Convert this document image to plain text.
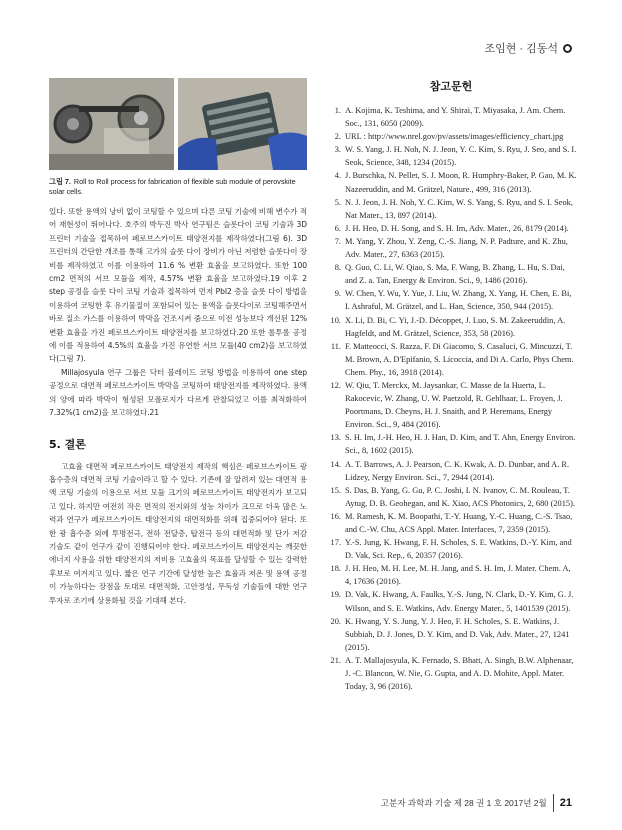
조임현 · 김동석
그림 7. Roll to Roll process for fabrication of flexible sub module of perovskite solar cells.

있다. 또한 용액의 낭비 없이 코팅할 수 있으며 다른 코팅 기술에 비해 변수가 적어 재현성이 뛰어나다. 호주의 박두진 박사 연구팀은 슬롯다이 코팅 기술과 3D 프린터 기술을 접목하여 페로브스카이트 태양전지를 제작하였다(그림 6). 3D 프린터의 간단한 개조를 통해 고가의 슬롯 다이 장비가 아닌 저렴한 슬롯다이 장비를 제작하였고 이를 이용하여 11.6 % 변환 효율을 보고하였다. 또한 100 cm2 면적의 서브 모듈을 제작, 4.57% 변환 효율을 보고하였다.19 이후 2 step 공정을 슬롯 다이 코팅 기술과 접목하여 먼저 PbI2 층을 슬롯 다이 방법을 이용하여 코팅한 후 유기물질이 포함되어 있는 용액을 슬롯다이로 코팅해주면서 바로 질소 가스를 이용하여 박막을 건조시켜 줌으로 이전 성능보다 개선된 12% 변환 효율을 가진 페로브스카이트 태양전지를 보고하였다.20 또한 롤투롤 공정에 이를 적용하여 4.5%의 효율을 가진 유연한 서브 모듈(40 cm2)을 보고하였다(그림 7).

Millajosyula 연구 그룹은 닥터 블레이드 코팅 방법을 이용하여 one step 공정으로 대면적 페로브스카이트 박막을 코팅하여 태양전지를 제작하였다. 용액의 양에 따라 박막이 형성된 모폴로지가 다르게 관찰되었고 이를 최적화하여 7.32%(1 cm2)을 보고하였다.21

5. 결론

고효율 대면적 페로브스카이트 태양전지 제작의 핵심은 페로브스카이트 광 흡수층의 대면적 코팅 기술이라고 할 수 있다. 기존에 잘 알려져 있는 대면적 용액 코팅 기술의 이용으로 서브 모듈 크기의 페로브스카이트 태양전지가 보고되고 있다. 하지만 여전히 작은 면적의 전지와의 성능 차이가 크므로 더욱 많은 노력과 연구가 페로브스카이트 태양전지의 대면적화를 위해 집중되어야 된다. 또한 광 흡수층 외에 투명전극, 전하 전달층, 탑전극 등의 대면적화 및 단가 저감 기술도 같이 연구가 같이 진행되어야 한다. 페로브스카이트 태양전지는 깨끗한 에너지 사용을 위한 태양전지의 저비용 고효율의 목표를 달성할 수 있는 강력한 후보로 여겨지고 있다. 짧은 연구 기간에 달성한 높은 효율과 저온 및 용액 공정이 가능하다는 장점을 토대로 대면적화, 고안정성, 무독성 기술들에 대한 연구 투자로 조기에 상용화될 것을 기대해 본다.

참고문헌
1. A. Kojima, K. Teshima, and Y. Shirai, T. Miyasaka, J. Am. Chem. Soc., 131, 6050 (2009).
2. URL : http://www.nrel.gov/pv/assets/images/efficiency_chart.jpg
3. W. S. Yang, J. H. Noh, N. J. Jeon, Y. C. Kim, S. Ryu, J. Seo, and S. I. Seok, Science, 348, 1234 (2015).
4. J. Burschka, N. Pellet, S. J. Moon, R. Humphry-Baker, P. Gao, M. K. Nazeeruddin, and M. Grätzel, Nature., 499, 316 (2013).
5. N. J. Jeon, J. H. Noh, Y. C. Kim, W. S. Yang, S. Ryu, and S. I. Seok, Nat Mater., 13, 897 (2014).
6. J. H. Heo, D. H. Song, and S. H. Im, Adv. Mater., 26, 8179 (2014).
7. M. Yang, Y. Zhou, Y. Zeng, C.-S. Jiang, N. P. Padture, and K. Zhu, Adv. Mater., 27, 6363 (2015).
8. Q. Guo, C. Li, W. Qiao, S. Ma, F. Wang, B. Zhang, L. Hu, S. Dai, and Z. a. Tan, Energy & Environ. Sci., 9, 1486 (2016).
9. W. Chen, Y. Wu, Y. Yue, J. Liu, W. Zhang, X. Yang, H. Chen, E. Bi, I. Ashraful, M. Grätzel, and L. Han, Science, 350, 944 (2015).
10. X. Li, D. Bi, C. Yi, J.-D. Décoppet, J. Luo, S. M. Zakeeruddin, A. Hagfeldt, and M. Grätzel, Science, 353, 58 (2016).
11. F. Matteocci, S. Razza, F. Di Giacomo, S. Casaluci, G. Mincuzzi, T. M. Brown, A. D'Epifanio, S. Licoccia, and Di A. Carlo, Phys Chem. Chem. Phy., 16, 3918 (2014).
12. W. Qiu, T. Merckx, M. Jaysankar, C. Masse de la Huerta, L. Rakocevic, W. Zhang, U. W. Paetzold, R. Gehlhaar, L. Froyen, J. Poortmans, D. Cheyns, H. J. Snaith, and P. Heremans, Energy Environ. Sci., 9, 484 (2016).
13. S. H. Im, J.-H. Heo, H. J. Han, D. Kim, and T. Ahn, Energy Environ. Sci., 8, 1602 (2015).
14. A. T. Barrows, A. J. Pearson, C. K. Kwak, A. D. Dunbar, and A. R. Lidzey, Nergy Environ. Sci., 7, 2944 (2014).
15. S. Das, B. Yang, G. Gu, P. C. Joshi, I. N. Ivanov, C. M. Rouleau, T. Aytug, D. B. Geohegan, and K. Xiao, ACS Photonics, 2, 680 (2015).
16. M. Ramesh, K. M. Boopathi, T.-Y. Huang, Y.-C. Huang, C.-S. Tsao, and C.-W. Chu, ACS Appl. Mater. Interfaces, 7, 2359 (2015).
17. Y.-S. Jung, K. Hwang, F. H. Scholes, S. E. Watkins, D.-Y. Kim, and D. Vak, Sci. Rep., 6, 20357 (2016).
18. J. H. Heo, M. H. Lee, M. H. Jang, and S. H. Im, J. Mater. Chem. A, 4, 17636 (2016).
19. D. Vak, K. Hwang, A. Faulks, Y.-S. Jung, N. Clark, D.-Y. Kim, G. J. Wilson, and S. E. Watkins, Adv. Energy Mater., 5, 1401539 (2015).
20. K. Hwang, Y. S. Jung, Y. J. Heo, F. H. Scholes, S. E. Watkins, J. Subbiah, D. J. Jones, D. Y. Kim, and D. Vak, Adv. Mater., 27, 1241 (2015).
21. A. T. Mallajosyula, K. Fernado, S. Bhatt, A. Singh, B.W. Alphenaar, J. -C. Blancon, W. Nie, G. Gupta, and A. D. Mohite, Appl. Mater. Today, 3, 96 (2016).
고분자 과학과 기술 제 28 권 1 호 2017년 2월 21
